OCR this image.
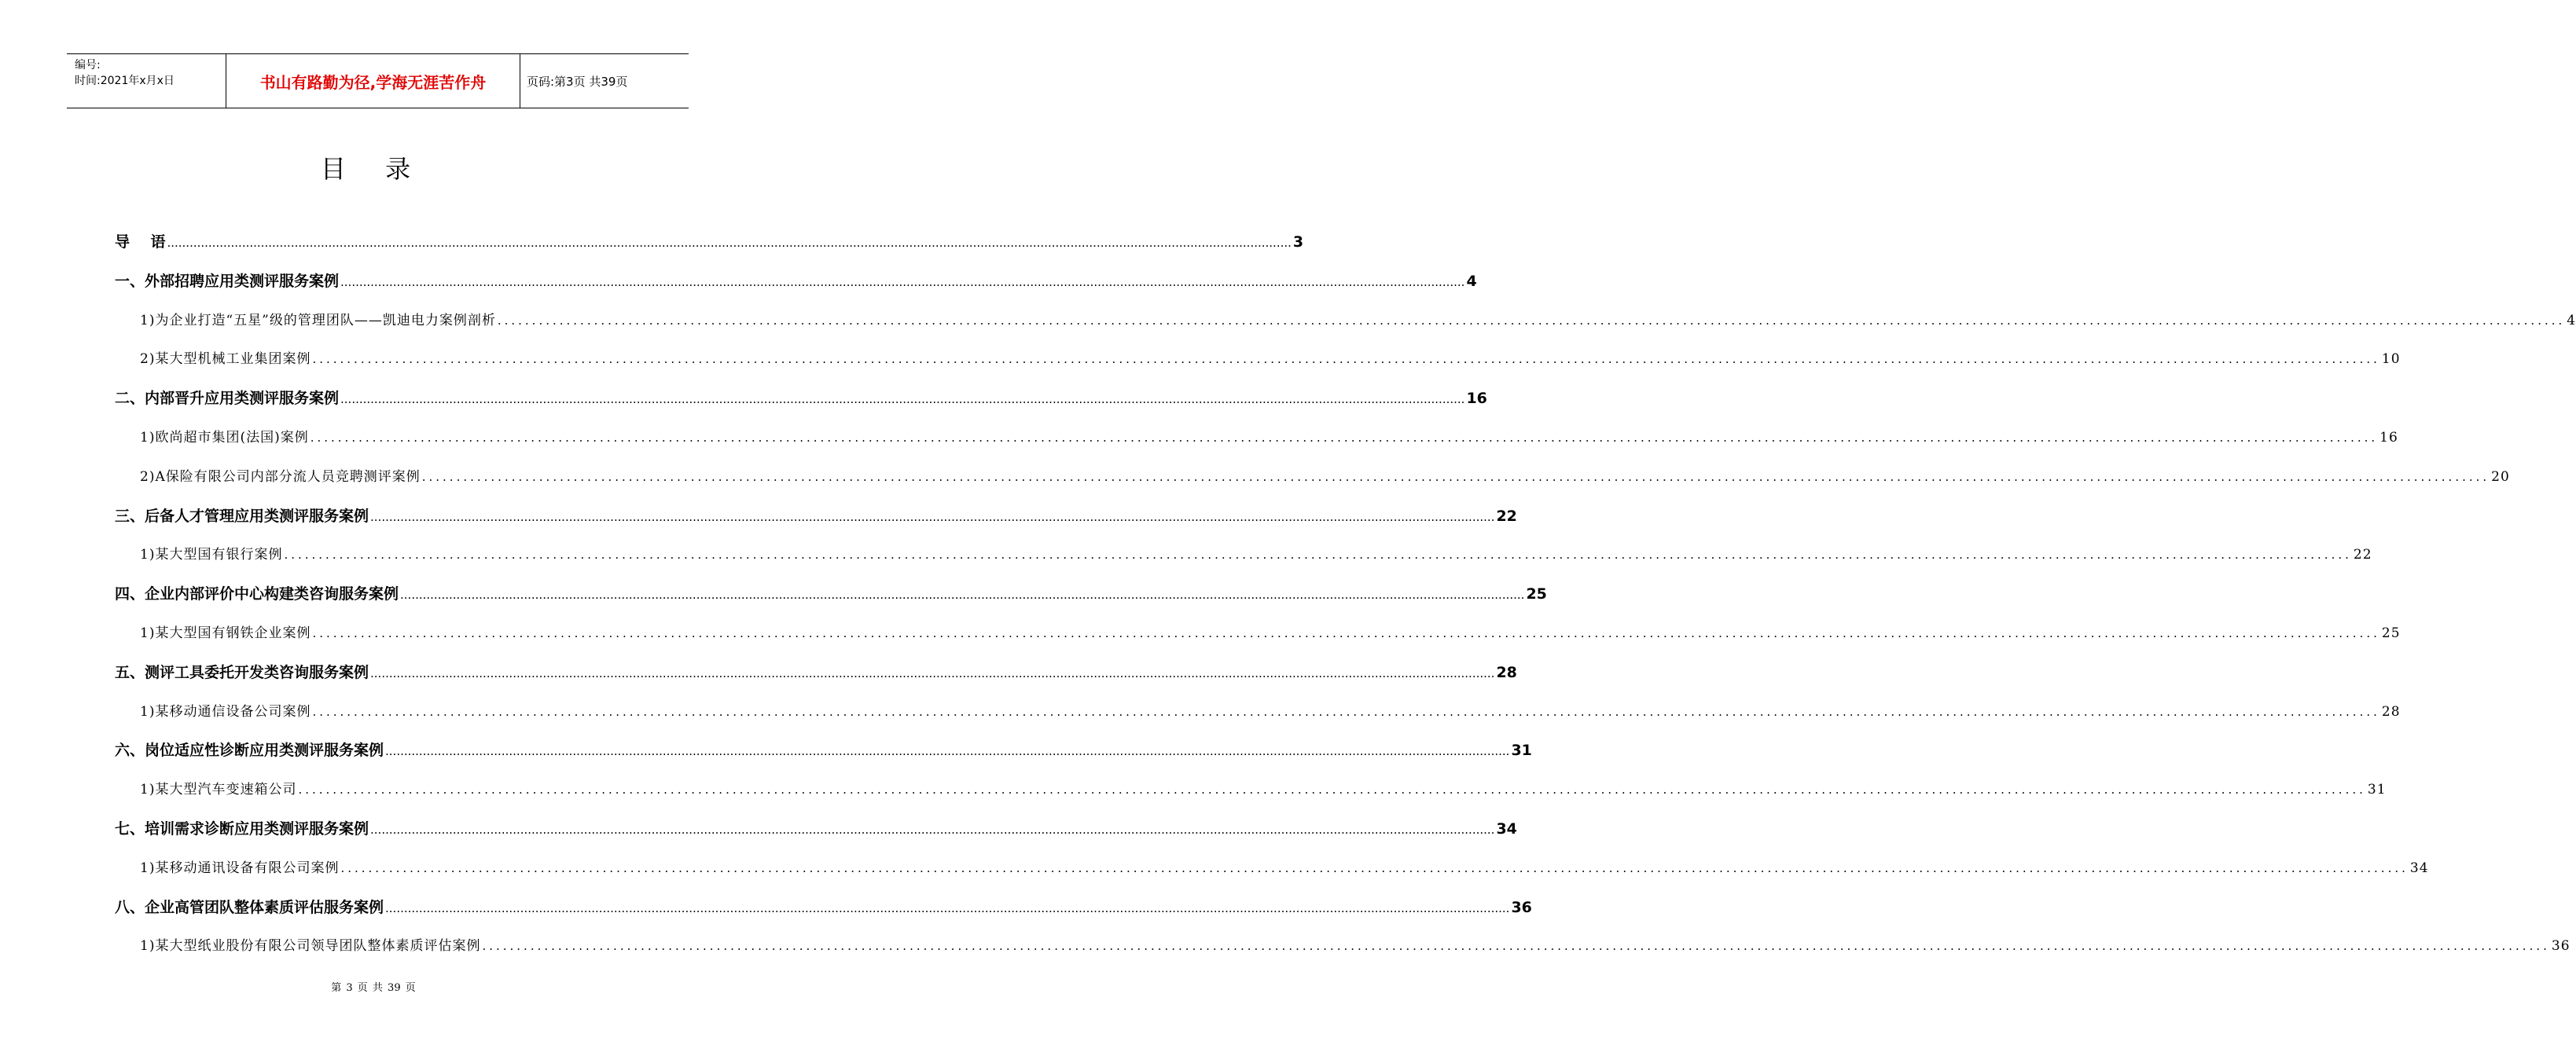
编号:
时间:2021年x月x日	书山有路勤为径,学海无涯苦作舟	页码:第3页 共39页
目 录
导    语 ............................................................................................................................................................................................................................................................................................................ 3
一、外部招聘应用类测评服务案例 ............................................................................................................................................................................................................................................................................................................ 4
1)为企业打造“五星”级的管理团队——凯迪电力案例剖析 ............................................................................................................................................................................................................................................................................................................ 4
2)某大型机械工业集团案例 ............................................................................................................................................................................................................................................................................................................ 10
二、内部晋升应用类测评服务案例 ............................................................................................................................................................................................................................................................................................................ 16
1)欧尚超市集团(法国)案例 ............................................................................................................................................................................................................................................................................................................ 16
2)A保险有限公司内部分流人员竞聘测评案例 ............................................................................................................................................................................................................................................................................................................ 20
三、后备人才管理应用类测评服务案例 ............................................................................................................................................................................................................................................................................................................ 22
1)某大型国有银行案例 ............................................................................................................................................................................................................................................................................................................ 22
四、企业内部评价中心构建类咨询服务案例 ............................................................................................................................................................................................................................................................................................................ 25
1)某大型国有钢铁企业案例 ............................................................................................................................................................................................................................................................................................................ 25
五、测评工具委托开发类咨询服务案例 ............................................................................................................................................................................................................................................................................................................ 28
1)某移动通信设备公司案例 ............................................................................................................................................................................................................................................................................................................ 28
六、岗位适应性诊断应用类测评服务案例 ............................................................................................................................................................................................................................................................................................................ 31
1)某大型汽车变速箱公司 ............................................................................................................................................................................................................................................................................................................ 31
七、培训需求诊断应用类测评服务案例 ............................................................................................................................................................................................................................................................................................................ 34
1)某移动通讯设备有限公司案例 ............................................................................................................................................................................................................................................................................................................ 34
八、企业高管团队整体素质评估服务案例 ............................................................................................................................................................................................................................................................................................................ 36
1)某大型纸业股份有限公司领导团队整体素质评估案例 ............................................................................................................................................................................................................................................................................................................ 36
第 3 页 共 39 页
